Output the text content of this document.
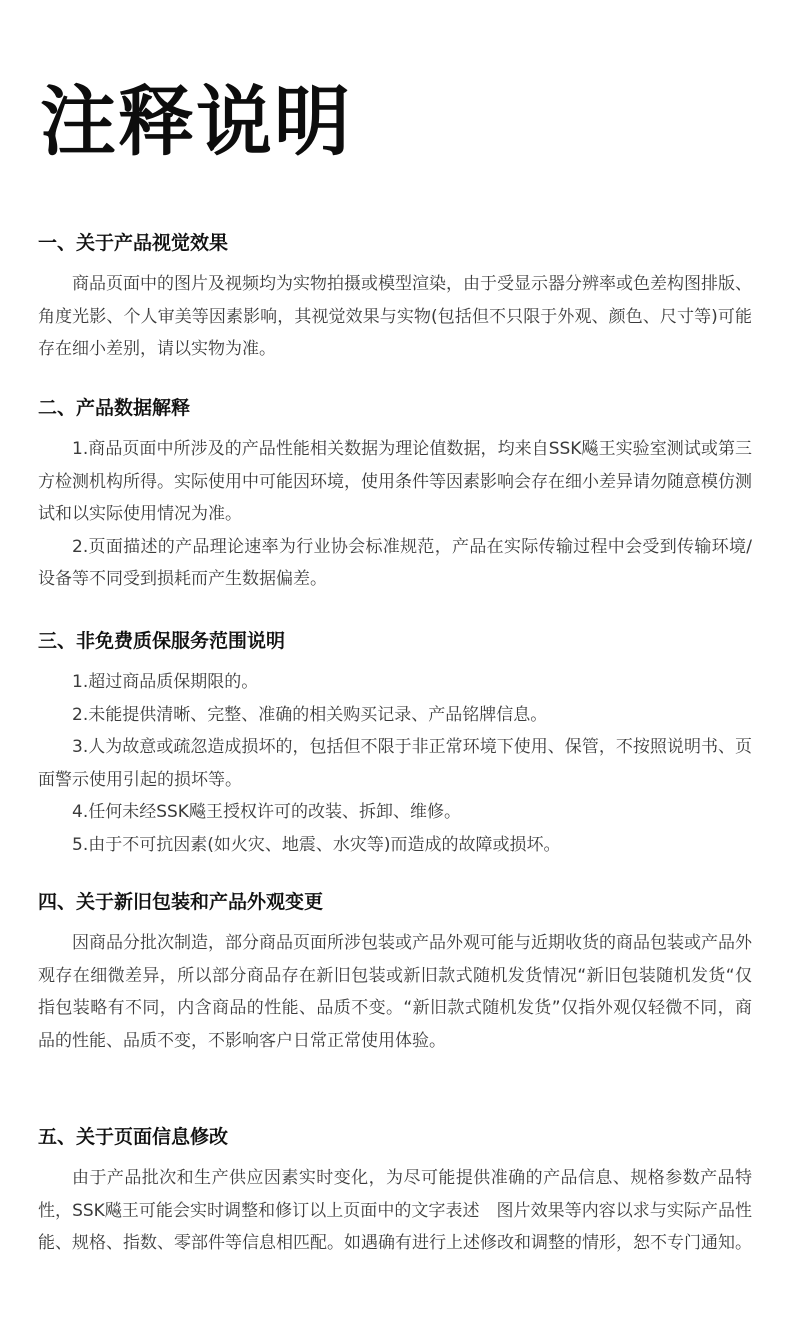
注释说明
一、关于产品视觉效果

商品页面中的图片及视频均为实物拍摄或模型渲染，由于受显示器分辨率或色差构图排版、角度光影、个人审美等因素影响，其视觉效果与实物(包括但不只限于外观、颜色、尺寸等)可能存在细小差别，请以实物为准。

二、产品数据解释

1.商品页面中所涉及的产品性能相关数据为理论值数据，均来自SSK飚王实验室测试或第三方检测机构所得。实际使用中可能因环境，使用条件等因素影响会存在细小差异请勿随意模仿测试和以实际使用情况为准。

2.页面描述的产品理论速率为行业协会标准规范，产品在实际传输过程中会受到传输环境/设备等不同受到损耗而产生数据偏差。

三、非免费质保服务范围说明

1.超过商品质保期限的。

2.未能提供清晰、完整、准确的相关购买记录、产品铭牌信息。

3.人为故意或疏忽造成损坏的，包括但不限于非正常环境下使用、保管，不按照说明书、页面警示使用引起的损坏等。

4.任何未经SSK飚王授权许可的改装、拆卸、维修。

5.由于不可抗因素(如火灾、地震、水灾等)而造成的故障或损坏。

四、关于新旧包装和产品外观变更

因商品分批次制造，部分商品页面所涉包装或产品外观可能与近期收货的商品包装或产品外观存在细微差异，所以部分商品存在新旧包装或新旧款式随机发货情况“新旧包装随机发货“仅指包装略有不同，内含商品的性能、品质不变。“新旧款式随机发货”仅指外观仅轻微不同，商品的性能、品质不变，不影响客户日常正常使用体验。

五、关于页面信息修改

由于产品批次和生产供应因素实时变化，为尽可能提供准确的产品信息、规格参数产品特性，SSK飚王可能会实时调整和修订以上页面中的文字表述　图片效果等内容以求与实际产品性能、规格、指数、零部件等信息相匹配。如遇确有进行上述修改和调整的情形，恕不专门通知。
